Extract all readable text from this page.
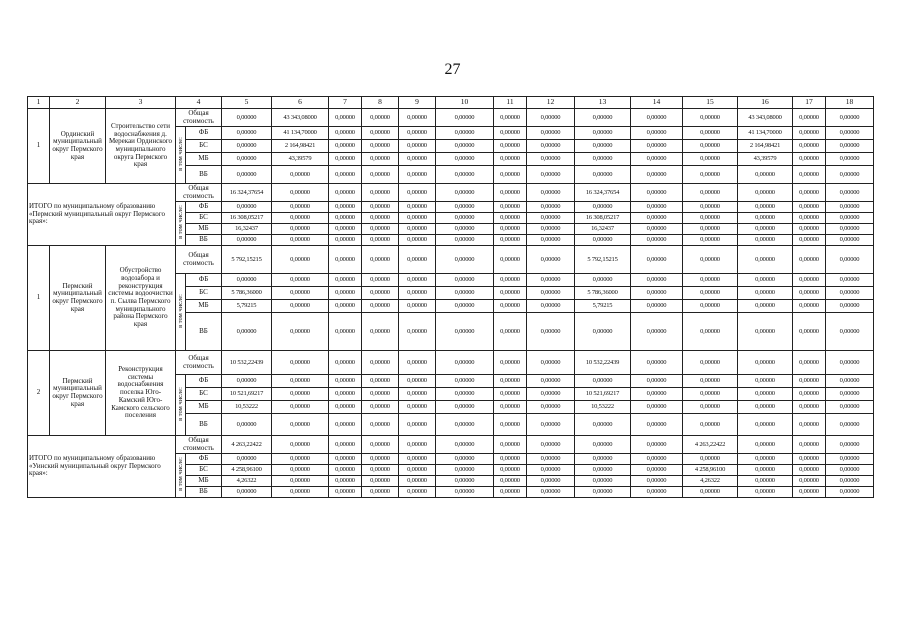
27
1	2	3	4		5	6	7	8	9	10	11	12	13	14	15	16	17	18
1	Ординский муниципальный округ Пермского края	Строительство сети водоснабжения д. Мерекаи Ординского муниципального округа Пермского края	Общая стоимость		0,00000	43 343,08000	0,00000	0,00000	0,00000	0,00000	0,00000	0,00000	0,00000	0,00000	0,00000	43 343,08000	0,00000	0,00000
			в том числе:	ФБ	0,00000	41 134,70000	0,00000	0,00000	0,00000	0,00000	0,00000	0,00000	0,00000	0,00000	0,00000	41 134,70000	0,00000	0,00000
				БС	0,00000	2 164,98421	0,00000	0,00000	0,00000	0,00000	0,00000	0,00000	0,00000	0,00000	0,00000	2 164,98421	0,00000	0,00000
				МБ	0,00000	43,39579	0,00000	0,00000	0,00000	0,00000	0,00000	0,00000	0,00000	0,00000	0,00000	43,39579	0,00000	0,00000
				ВБ	0,00000	0,00000	0,00000	0,00000	0,00000	0,00000	0,00000	0,00000	0,00000	0,00000	0,00000	0,00000	0,00000	0,00000
ИТОГО по муниципальному образованию «Пермский муниципальный округ Пермского края»:			Общая стоимость		16 324,37654	0,00000	0,00000	0,00000	0,00000	0,00000	0,00000	0,00000	16 324,37654	0,00000	0,00000	0,00000	0,00000	0,00000
			в том числе:	ФБ	0,00000	0,00000	0,00000	0,00000	0,00000	0,00000	0,00000	0,00000	0,00000	0,00000	0,00000	0,00000	0,00000	0,00000
				БС	16 308,05217	0,00000	0,00000	0,00000	0,00000	0,00000	0,00000	0,00000	16 308,05217	0,00000	0,00000	0,00000	0,00000	0,00000
				МБ	16,32437	0,00000	0,00000	0,00000	0,00000	0,00000	0,00000	0,00000	16,32437	0,00000	0,00000	0,00000	0,00000	0,00000
				ВБ	0,00000	0,00000	0,00000	0,00000	0,00000	0,00000	0,00000	0,00000	0,00000	0,00000	0,00000	0,00000	0,00000	0,00000
1	Пермский муниципальный округ Пермского края	Обустройство водозабора и реконструкция системы водоочистки п. Сылва Пермского муниципального района Пермского края	Общая стоимость		5 792,15215	0,00000	0,00000	0,00000	0,00000	0,00000	0,00000	0,00000	5 792,15215	0,00000	0,00000	0,00000	0,00000	0,00000
			в том числе:	ФБ	0,00000	0,00000	0,00000	0,00000	0,00000	0,00000	0,00000	0,00000	0,00000	0,00000	0,00000	0,00000	0,00000	0,00000
				БС	5 786,36000	0,00000	0,00000	0,00000	0,00000	0,00000	0,00000	0,00000	5 786,36000	0,00000	0,00000	0,00000	0,00000	0,00000
				МБ	5,79215	0,00000	0,00000	0,00000	0,00000	0,00000	0,00000	0,00000	5,79215	0,00000	0,00000	0,00000	0,00000	0,00000
				ВБ	0,00000	0,00000	0,00000	0,00000	0,00000	0,00000	0,00000	0,00000	0,00000	0,00000	0,00000	0,00000	0,00000	0,00000
2	Пермский муниципальный округ Пермского края	Реконструкция системы водоснабжения поселка Юго-Камский Юго-Камского сельского поселения	Общая стоимость		10 532,22439	0,00000	0,00000	0,00000	0,00000	0,00000	0,00000	0,00000	10 532,22439	0,00000	0,00000	0,00000	0,00000	0,00000
			в том числе:	ФБ	0,00000	0,00000	0,00000	0,00000	0,00000	0,00000	0,00000	0,00000	0,00000	0,00000	0,00000	0,00000	0,00000	0,00000
				БС	10 521,69217	0,00000	0,00000	0,00000	0,00000	0,00000	0,00000	0,00000	10 521,69217	0,00000	0,00000	0,00000	0,00000	0,00000
				МБ	10,53222	0,00000	0,00000	0,00000	0,00000	0,00000	0,00000	0,00000	10,53222	0,00000	0,00000	0,00000	0,00000	0,00000
				ВБ	0,00000	0,00000	0,00000	0,00000	0,00000	0,00000	0,00000	0,00000	0,00000	0,00000	0,00000	0,00000	0,00000	0,00000
ИТОГО по муниципальному образованию «Уинский муниципальный округ Пермского края»:			Общая стоимость		4 263,22422	0,00000	0,00000	0,00000	0,00000	0,00000	0,00000	0,00000	0,00000	0,00000	4 263,22422	0,00000	0,00000	0,00000
			в том числе:	ФБ	0,00000	0,00000	0,00000	0,00000	0,00000	0,00000	0,00000	0,00000	0,00000	0,00000	0,00000	0,00000	0,00000	0,00000
				БС	4 258,96100	0,00000	0,00000	0,00000	0,00000	0,00000	0,00000	0,00000	0,00000	0,00000	4 258,96100	0,00000	0,00000	0,00000
				МБ	4,26322	0,00000	0,00000	0,00000	0,00000	0,00000	0,00000	0,00000	0,00000	0,00000	4,26322	0,00000	0,00000	0,00000
				ВБ	0,00000	0,00000	0,00000	0,00000	0,00000	0,00000	0,00000	0,00000	0,00000	0,00000	0,00000	0,00000	0,00000	0,00000
